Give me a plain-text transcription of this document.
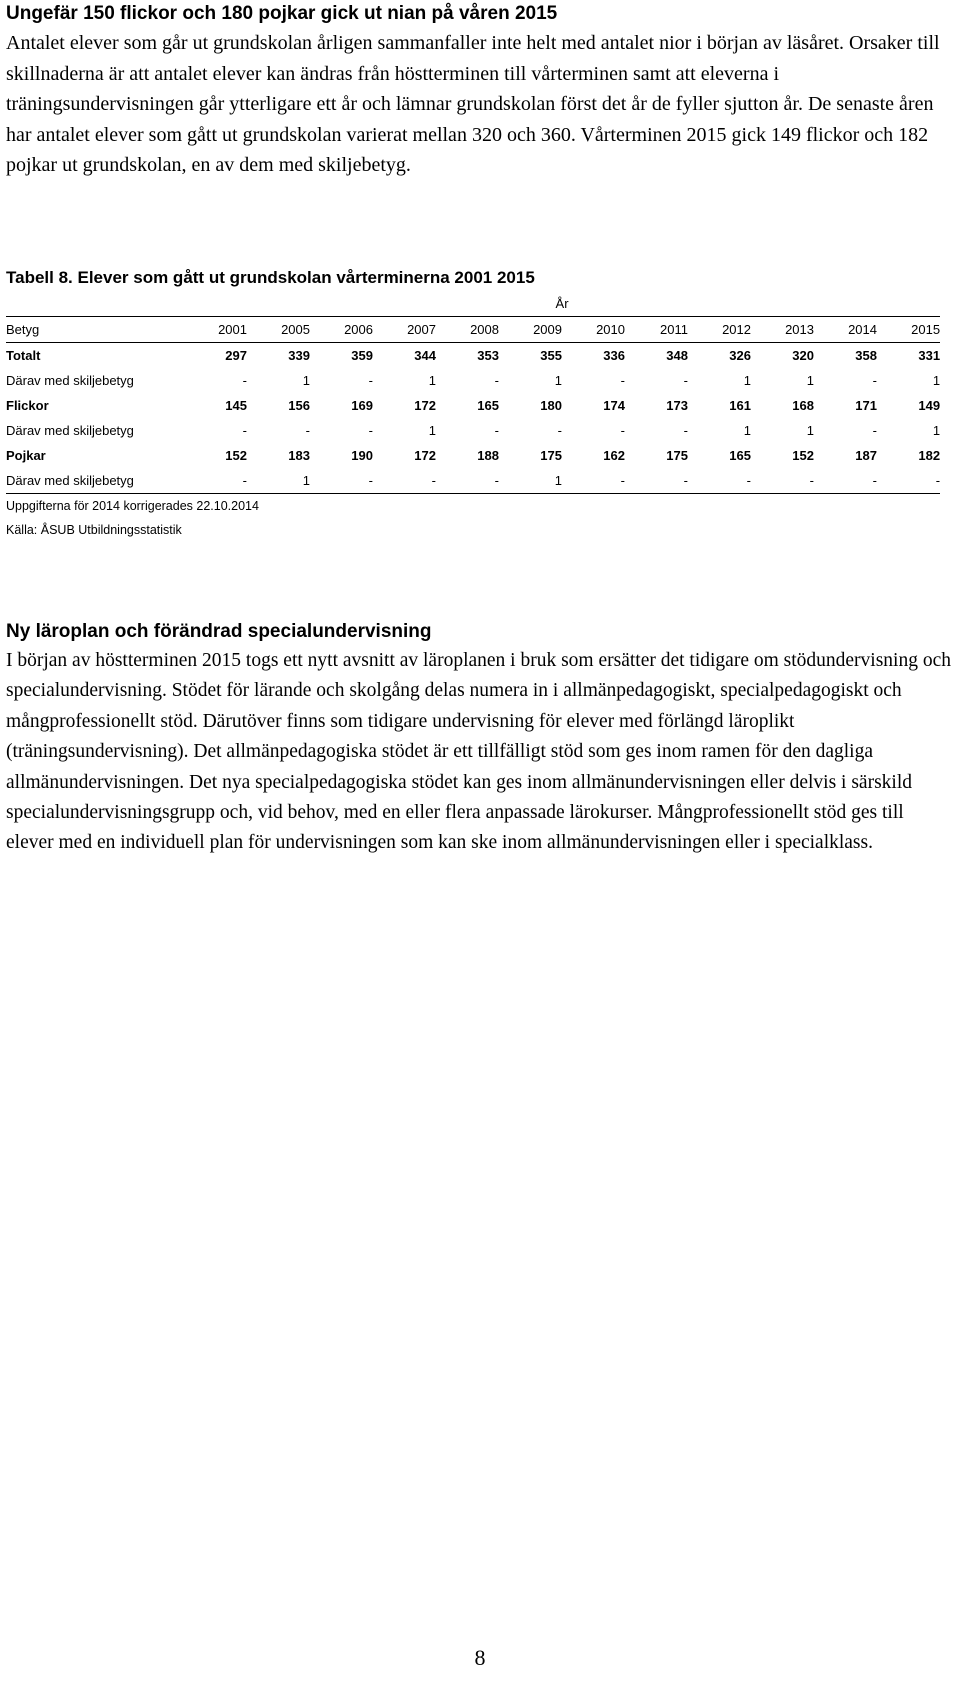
Ungefär 150 flickor och 180 pojkar gick ut nian på våren 2015

Antalet elever som går ut grundskolan årligen sammanfaller inte helt med antalet nior i början av läsåret. Orsaker till skillnaderna är att antalet elever kan ändras från höstterminen till vårterminen samt att eleverna i träningsundervisningen går ytterligare ett år och lämnar grundskolan först det år de fyller sjutton år. De senaste åren har antalet elever som gått ut grundskolan varierat mellan 320 och 360. Vårterminen 2015 gick 149 flickor och 182 pojkar ut grundskolan, en av dem med skiljebetyg.

Tabell 8. Elever som gått ut grundskolan vårterminerna 2001 2015
	År											
Betyg	2001	2005	2006	2007	2008	2009	2010	2011	2012	2013	2014	2015
Totalt	297	339	359	344	353	355	336	348	326	320	358	331
Därav med skiljebetyg	-	1	-	1	-	1	-	-	1	1	-	1
Flickor	145	156	169	172	165	180	174	173	161	168	171	149
Därav med skiljebetyg	-	-	-	1	-	-	-	-	1	1	-	1
Pojkar	152	183	190	172	188	175	162	175	165	152	187	182
Därav med skiljebetyg	-	1	-	-	-	1	-	-	-	-	-	-
Uppgifterna för 2014 korrigerades 22.10.2014
Källa: ÅSUB Utbildningsstatistik
Ny läroplan och förändrad specialundervisning

I början av höstterminen 2015 togs ett nytt avsnitt av läroplanen i bruk som ersätter det tidigare om stödundervisning och specialundervisning. Stödet för lärande och skolgång delas numera in i allmänpedagogiskt, specialpedagogiskt och mångprofessionellt stöd. Därutöver finns som tidigare undervisning för elever med förlängd läroplikt (träningsundervisning). Det allmänpedagogiska stödet är ett tillfälligt stöd som ges inom ramen för den dagliga allmänundervisningen. Det nya specialpedagogiska stödet kan ges inom allmänundervisningen eller delvis i särskild specialundervisningsgrupp och, vid behov, med en eller flera anpassade lärokurser. Mångprofessionellt stöd ges till elever med en individuell plan för undervisningen som kan ske inom allmänundervisningen eller i specialklass.

8
